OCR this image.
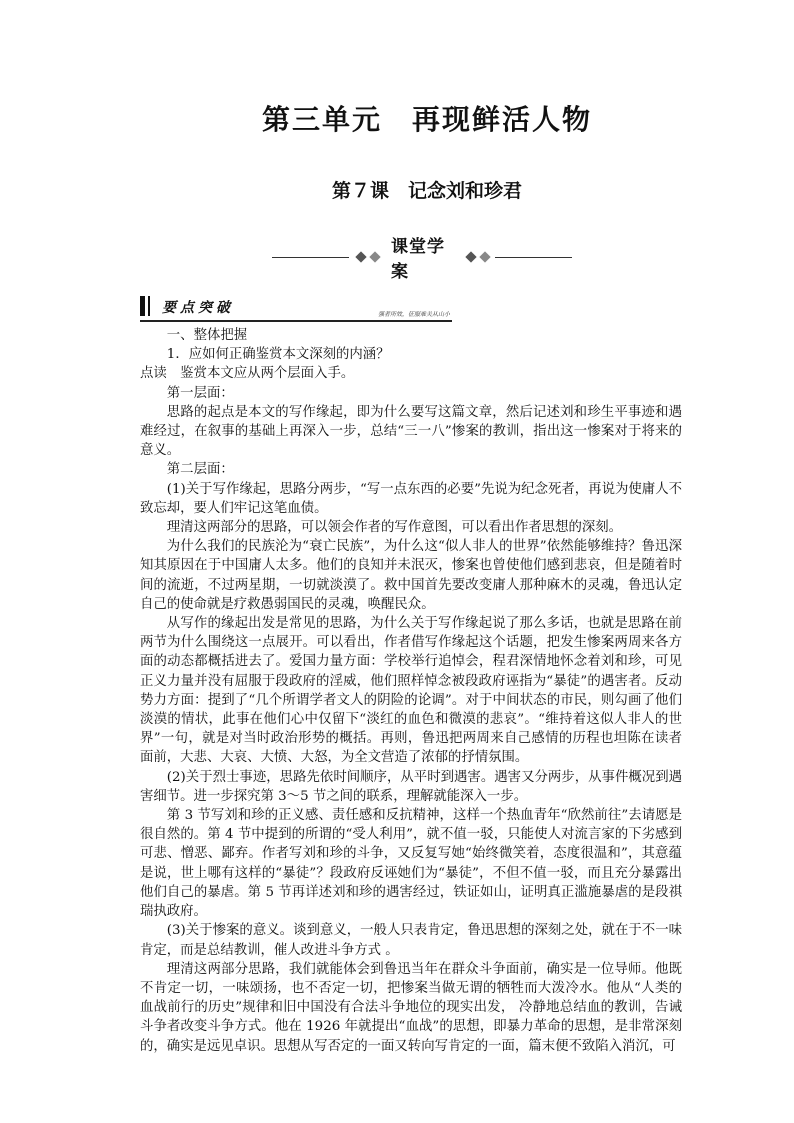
第三单元　再现鲜活人物
第７课　记念刘和珍君
课堂学案
要点突破	强者所效，征服难关从山小

一、整体把握

1．应如何正确鉴赏本文深刻的内涵？

点读　鉴赏本文应从两个层面入手。

第一层面：

思路的起点是本文的写作缘起，即为什么要写这篇文章，然后记述刘和珍生平事迹和遇难经过，在叙事的基础上再深入一步，总结“三一八”惨案的教训，指出这一惨案对于将来的意义。

第二层面：

(1)关于写作缘起，思路分两步，“写一点东西的必要”先说为纪念死者，再说为使庸人不致忘却，要人们牢记这笔血债。

理清这两部分的思路，可以领会作者的写作意图，可以看出作者思想的深刻。

为什么我们的民族沦为“衰亡民族”，为什么这“似人非人的世界”依然能够维持？鲁迅深知其原因在于中国庸人太多。他们的良知并未泯灭，惨案也曾使他们感到悲哀，但是随着时间的流逝，不过两星期，一切就淡漠了。救中国首先要改变庸人那种麻木的灵魂，鲁迅认定自己的使命就是疗救愚弱国民的灵魂，唤醒民众。

从写作的缘起出发是常见的思路，为什么关于写作缘起说了那么多话，也就是思路在前两节为什么围绕这一点展开。可以看出，作者借写作缘起这个话题，把发生惨案两周来各方面的动态都概括进去了。爱国力量方面：学校举行追悼会，程君深情地怀念着刘和珍，可见正义力量并没有屈服于段政府的淫威，他们照样悼念被段政府诬指为“暴徒”的遇害者。反动势力方面：提到了“几个所谓学者文人的阴险的论调”。对于中间状态的市民，则勾画了他们淡漠的情状，此事在他们心中仅留下“淡红的血色和微漠的悲哀”。“维持着这似人非人的世界”一句，就是对当时政治形势的概括。再则，鲁迅把两周来自己感情的历程也坦陈在读者面前，大悲、大哀、大愤、大怒，为全文营造了浓郁的抒情氛围。

(2)关于烈士事迹，思路先依时间顺序，从平时到遇害。遇害又分两步，从事件概况到遇害细节。进一步探究第 3～5 节之间的联系，理解就能深入一步。

第 3 节写刘和珍的正义感、责任感和反抗精神，这样一个热血青年“欣然前往”去请愿是很自然的。第 4 节中提到的所谓的“受人利用”，就不值一驳，只能使人对流言家的下劣感到可悲、憎恶、鄙弃。作者写刘和珍的斗争，又反复写她“始终微笑着，态度很温和”，其意蕴是说，世上哪有这样的“暴徒”？段政府反诬她们为“暴徒”，不但不值一驳，而且充分暴露出他们自己的暴虐。第 5 节再详述刘和珍的遇害经过，铁证如山，证明真正滥施暴虐的是段祺瑞执政府。

(3)关于惨案的意义。谈到意义，一般人只表肯定，鲁迅思想的深刻之处，就在于不一味肯定，而是总结教训，催人改进斗争方式 。

理清这两部分思路，我们就能体会到鲁迅当年在群众斗争面前，确实是一位导师。他既不肯定一切，一味颂扬，也不否定一切，把惨案当做无谓的牺牲而大泼冷水。他从“人类的血战前行的历史”规律和旧中国没有合法斗争地位的现实出发， 冷静地总结血的教训，告诫斗争者改变斗争方式。他在 1926 年就提出“血战”的思想，即暴力革命的思想，是非常深刻的，确实是远见卓识。思想从写否定的一面又转向写肯定的一面，篇末便不致陷入消沉，可
